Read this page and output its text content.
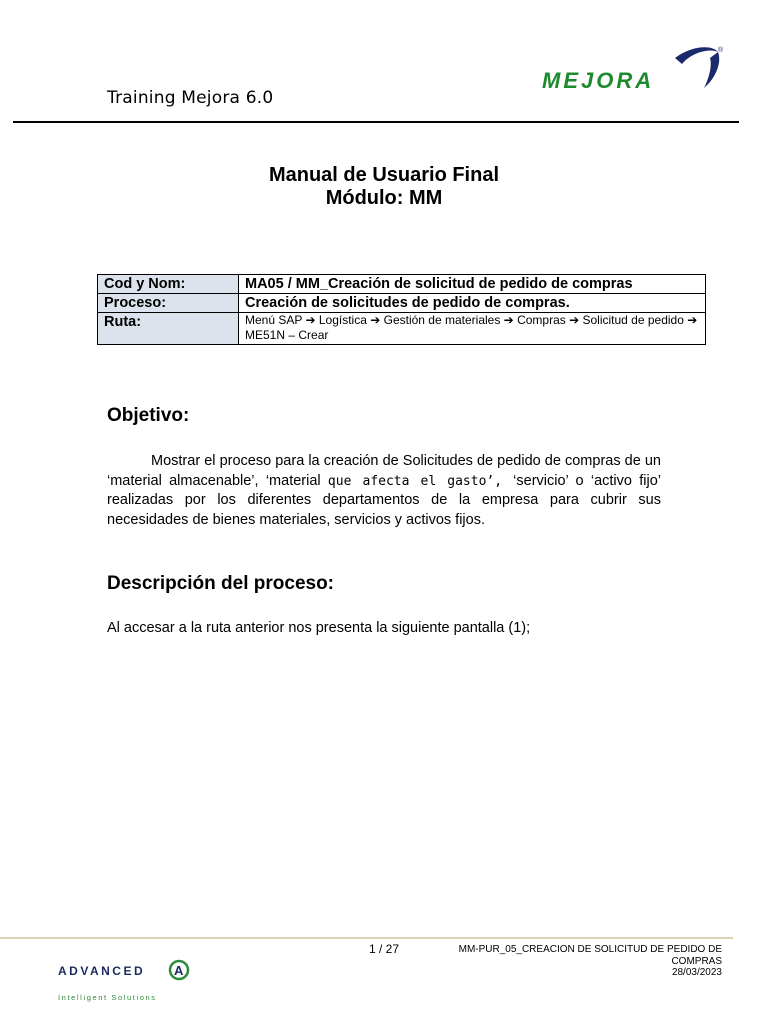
Training Mejora 6.0
MEJORA
®
Manual de Usuario Final
Módulo: MM
Cod y Nom:	MA05 / MM_Creación de solicitud de pedido de compras
Proceso:	Creación de solicitudes de pedido de compras.
Ruta:	Menú SAP ➔ Logística ➔ Gestión de materiales ➔ Compras ➔ Solicitud de pedido ➔ ME51N – Crear
Objetivo:
Mostrar el proceso para la creación de Solicitudes de pedido de compras de un ‘material almacenable’, ‘material que afecta el gasto’, ‘servicio’ o ‘activo fijo’ realizadas por los diferentes departamentos de la empresa para cubrir sus necesidades de bienes materiales, servicios y activos fijos.
Descripción del proceso:
Al accesar a la ruta anterior nos presenta la siguiente pantalla (1);
1 / 27	MM-PUR_05_CREACION DE SOLICITUD DE PEDIDO DE
COMPRAS
28/03/2023
ADVANCED A
Intelligent Solutions
